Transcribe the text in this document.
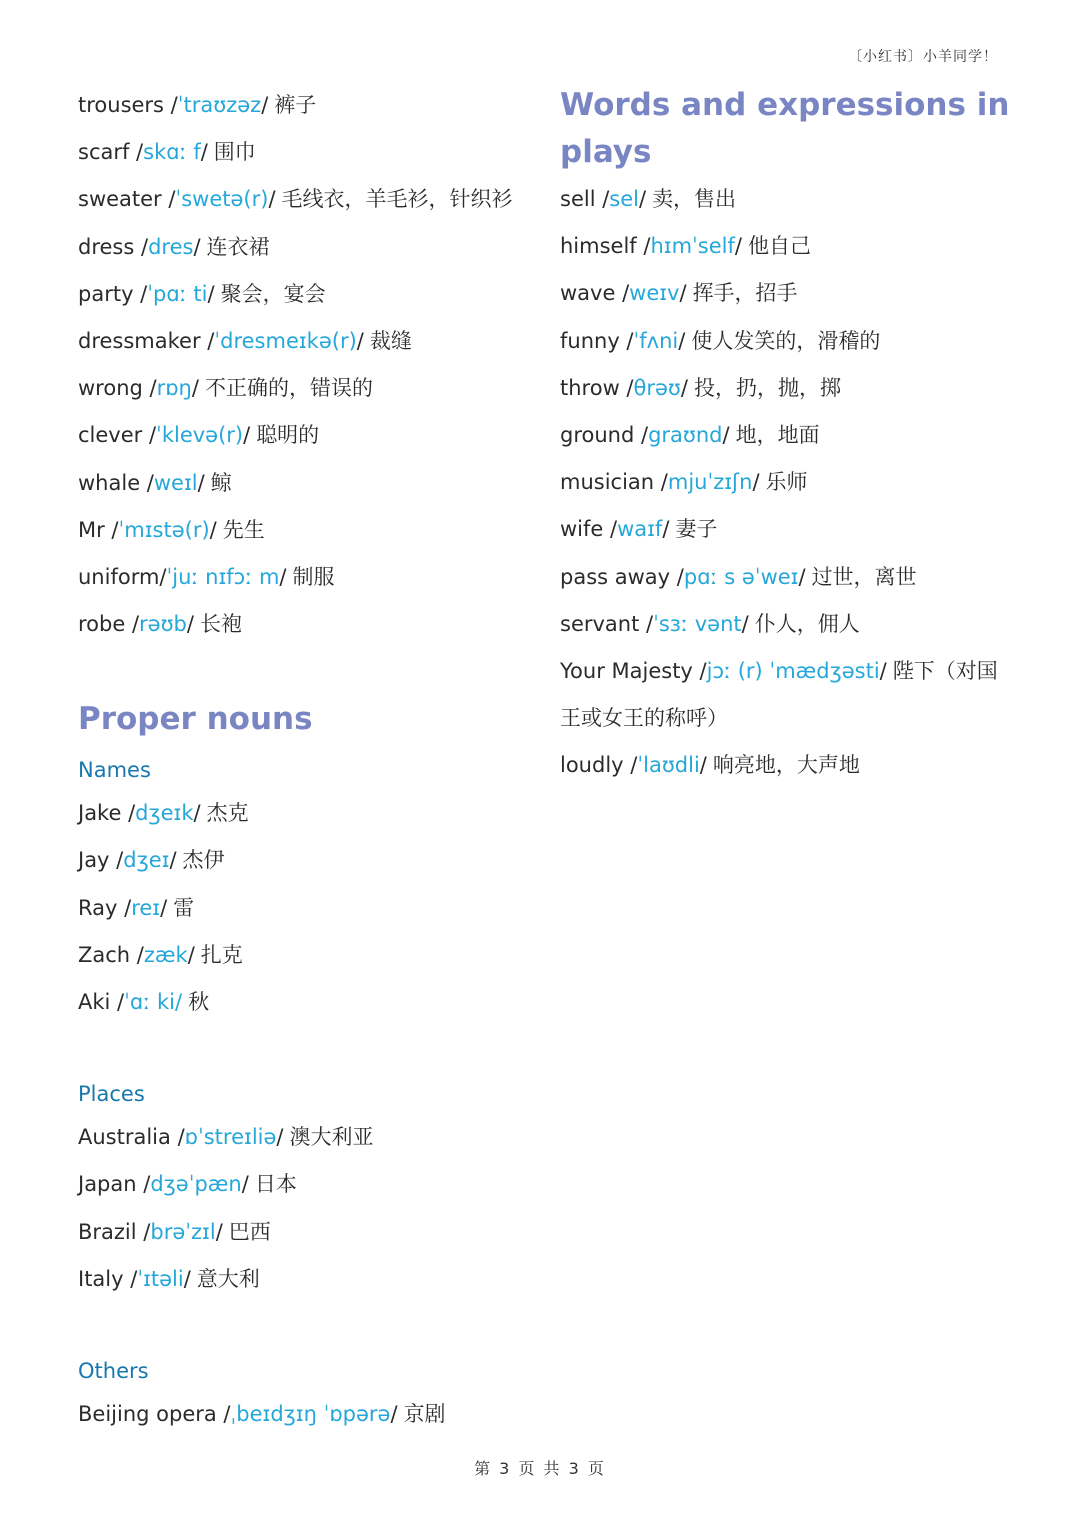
〔小红书〕小羊同学！
trousers /ˈtraʊzəz/ 裤子
scarf /skɑː f/ 围巾
sweater /ˈswetə(r)/ 毛线衣，羊毛衫，针织衫
dress /dres/ 连衣裙
party /ˈpɑː ti/ 聚会，宴会
dressmaker /ˈdresmeɪkə(r)/ 裁缝
wrong /rɒŋ/ 不正确的，错误的
clever /ˈklevə(r)/ 聪明的
whale /weɪl/ 鲸
Mr /ˈmɪstə(r)/ 先生
uniform/ˈjuː nɪfɔː m/ 制服
robe /rəʊb/ 长袍
Proper nouns
Names
Jake /dʒeɪk/ 杰克
Jay /dʒeɪ/ 杰伊
Ray /reɪ/ 雷
Zach /zæk/ 扎克
Aki /ˈɑː ki/ 秋
Places
Australia /ɒˈstreɪliə/ 澳大利亚
Japan /dʒəˈpæn/ 日本
Brazil /brəˈzɪl/ 巴西
Italy /ˈɪtəli/ 意大利
Others
Beijing opera /ˌbeɪdʒɪŋ ˈɒpərə/ 京剧
Words and expressions in
plays
sell /sel/ 卖，售出
himself /hɪmˈself/ 他自己
wave /weɪv/ 挥手，招手
funny /ˈfʌni/ 使人发笑的，滑稽的
throw /θrəʊ/ 投，扔，抛，掷
ground /graʊnd/ 地，地面
musician /mjuˈzɪʃn/ 乐师
wife /waɪf/ 妻子
pass away /pɑː s əˈweɪ/ 过世，离世
servant /ˈsɜː vənt/ 仆人，佣人
Your Majesty /jɔː (r) ˈmædʒəsti/ 陛下（对国
王或女王的称呼）
loudly /ˈlaʊdli/ 响亮地，大声地
第 3 页 共 3 页
